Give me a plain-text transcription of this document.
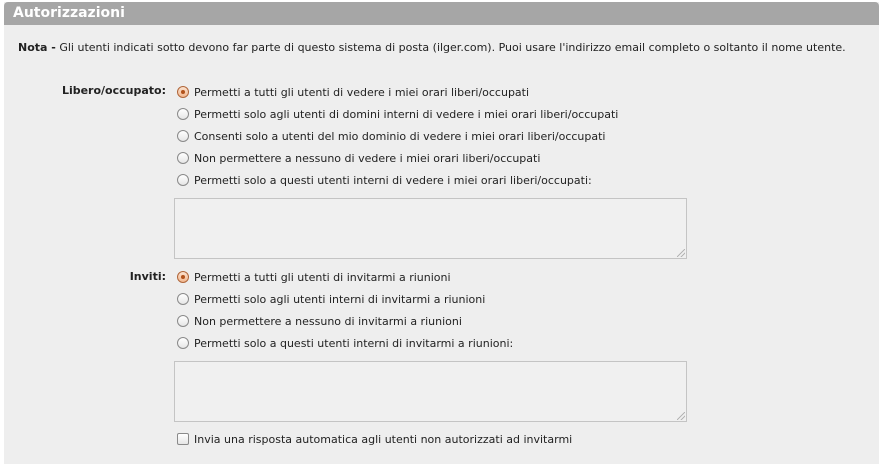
Autorizzazioni
Nota - Gli utenti indicati sotto devono far parte di questo sistema di posta (ilger.com). Puoi usare l'indirizzo email completo o soltanto il nome utente.
Libero/occupato:	Permetti a tutti gli utenti di vedere i miei orari liberi/occupati
Permetti solo agli utenti di domini interni di vedere i miei orari liberi/occupati
Consenti solo a utenti del mio dominio di vedere i miei orari liberi/occupati
Non permettere a nessuno di vedere i miei orari liberi/occupati
Permetti solo a questi utenti interni di vedere i miei orari liberi/occupati:
Inviti:	Permetti a tutti gli utenti di invitarmi a riunioni
Permetti solo agli utenti interni di invitarmi a riunioni
Non permettere a nessuno di invitarmi a riunioni
Permetti solo a questi utenti interni di invitarmi a riunioni:
Invia una risposta automatica agli utenti non autorizzati ad invitarmi
